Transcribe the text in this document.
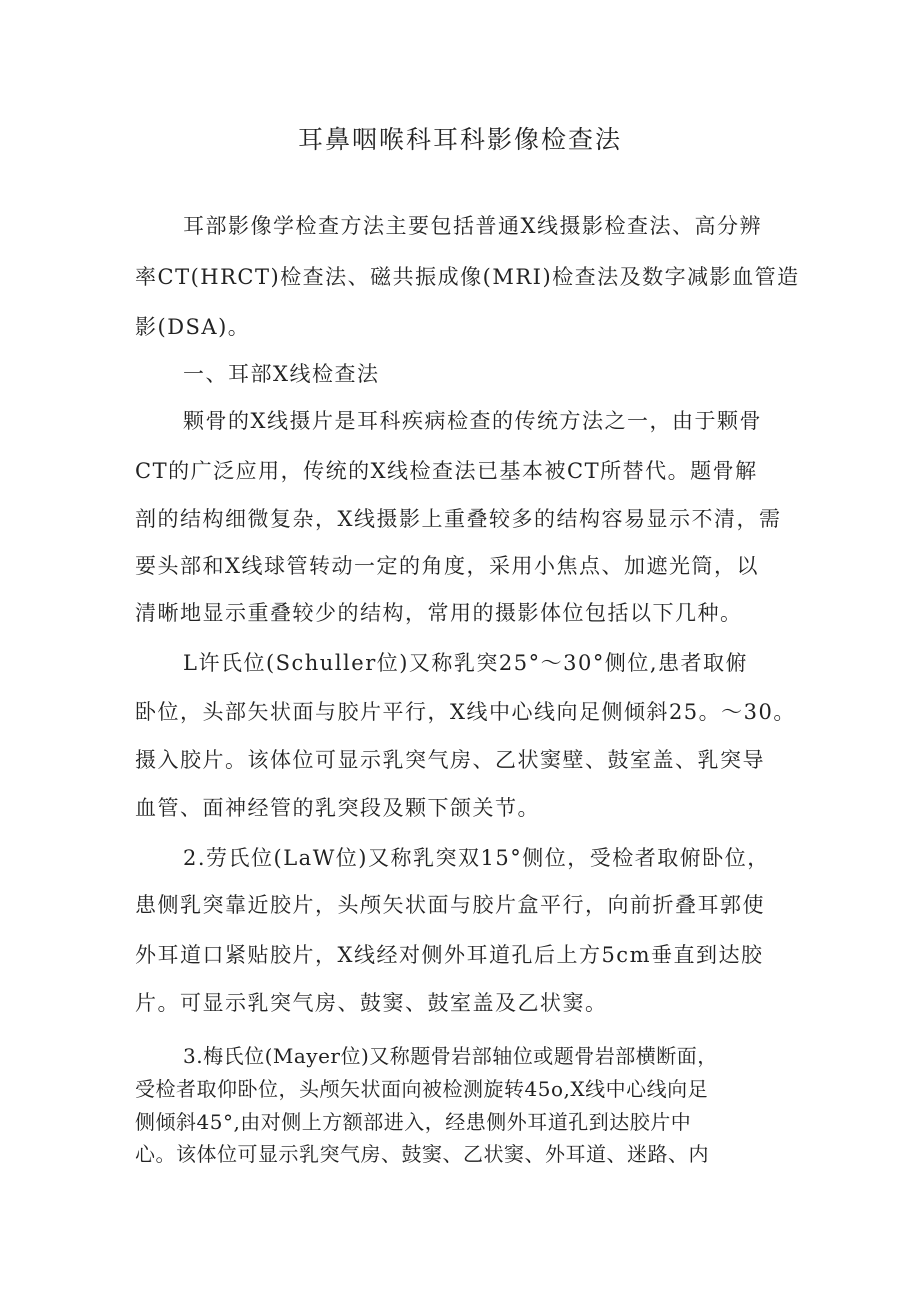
耳鼻咽喉科耳科影像检查法

耳部影像学检查方法主要包括普通X线摄影检查法、高分辨

率CT(HRCT)检查法、磁共振成像(MRI)检查法及数字减影血管造

影(DSA)。

一、耳部X线检查法

颗骨的X线摄片是耳科疾病检查的传统方法之一，由于颗骨

CT的广泛应用，传统的X线检查法已基本被CT所替代。题骨解

剖的结构细微复杂，X线摄影上重叠较多的结构容易显示不清，需

要头部和X线球管转动一定的角度，采用小焦点、加遮光筒，以

清晰地显示重叠较少的结构，常用的摄影体位包括以下几种。

L许氏位(Schuller位)又称乳突25°～30°侧位,患者取俯

卧位，头部矢状面与胶片平行，X线中心线向足侧倾斜25。～30。

摄入胶片。该体位可显示乳突气房、乙状窦壁、鼓室盖、乳突导

血管、面神经管的乳突段及颗下颌关节。

2.劳氏位(LaW位)又称乳突双15°侧位，受检者取俯卧位，

患侧乳突靠近胶片，头颅矢状面与胶片盒平行，向前折叠耳郭使

外耳道口紧贴胶片，X线经对侧外耳道孔后上方5cm垂直到达胶

片。可显示乳突气房、鼓窦、鼓室盖及乙状窦。

3.梅氏位(Mayer位)又称题骨岩部轴位或题骨岩部横断面，

受检者取仰卧位，头颅矢状面向被检测旋转45o,X线中心线向足

侧倾斜45°,由对侧上方额部进入，经患侧外耳道孔到达胶片中

心。该体位可显示乳突气房、鼓窦、乙状窦、外耳道、迷路、内
